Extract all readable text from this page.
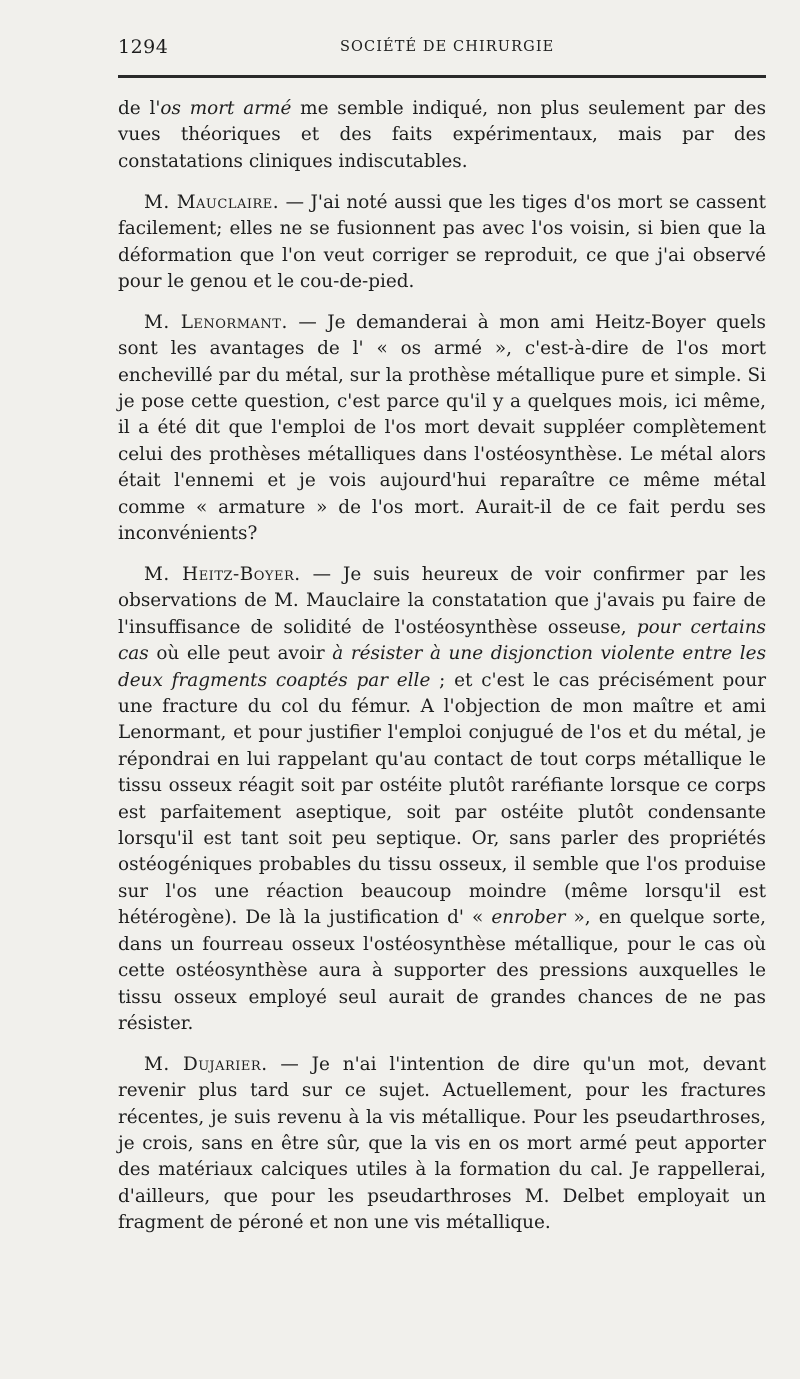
1294	SOCIÉTÉ DE CHIRURGIE

de l'os mort armé me semble indiqué, non plus seulement par des vues théoriques et des faits expérimentaux, mais par des constatations cliniques indiscutables.

M. Mauclaire. — J'ai noté aussi que les tiges d'os mort se cassent facilement; elles ne se fusionnent pas avec l'os voisin, si bien que la déformation que l'on veut corriger se reproduit, ce que j'ai observé pour le genou et le cou-de-pied.

M. Lenormant. — Je demanderai à mon ami Heitz-Boyer quels sont les avantages de l' « os armé », c'est-à-dire de l'os mort enchevillé par du métal, sur la prothèse métallique pure et simple. Si je pose cette question, c'est parce qu'il y a quelques mois, ici même, il a été dit que l'emploi de l'os mort devait suppléer complètement celui des prothèses métalliques dans l'ostéosynthèse. Le métal alors était l'ennemi et je vois aujourd'hui reparaître ce même métal comme « armature » de l'os mort. Aurait-il de ce fait perdu ses inconvénients?

M. Heitz-Boyer. — Je suis heureux de voir confirmer par les observations de M. Mauclaire la constatation que j'avais pu faire de l'insuffisance de solidité de l'ostéosynthèse osseuse, pour certains cas où elle peut avoir à résister à une disjonction violente entre les deux fragments coaptés par elle ; et c'est le cas précisément pour une fracture du col du fémur. A l'objection de mon maître et ami Lenormant, et pour justifier l'emploi conjugué de l'os et du métal, je répondrai en lui rappelant qu'au contact de tout corps métallique le tissu osseux réagit soit par ostéite plutôt raréfiante lorsque ce corps est parfaitement aseptique, soit par ostéite plutôt condensante lorsqu'il est tant soit peu septique. Or, sans parler des propriétés ostéogéniques probables du tissu osseux, il semble que l'os produise sur l'os une réaction beaucoup moindre (même lorsqu'il est hétérogène). De là la justification d' « enrober », en quelque sorte, dans un fourreau osseux l'ostéosynthèse métallique, pour le cas où cette ostéosynthèse aura à supporter des pressions auxquelles le tissu osseux employé seul aurait de grandes chances de ne pas résister.

M. Dujarier. — Je n'ai l'intention de dire qu'un mot, devant revenir plus tard sur ce sujet. Actuellement, pour les fractures récentes, je suis revenu à la vis métallique. Pour les pseudarthroses, je crois, sans en être sûr, que la vis en os mort armé peut apporter des matériaux calciques utiles à la formation du cal. Je rappellerai, d'ailleurs, que pour les pseudarthroses M. Delbet employait un fragment de péroné et non une vis métallique.
